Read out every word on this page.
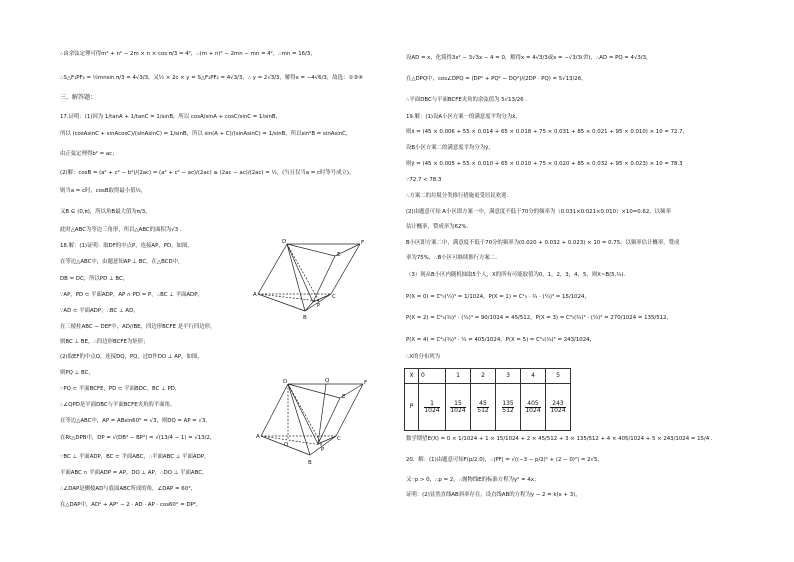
∴由余弦定理可得m² + n² − 2m × n × cos π/3 = 4²，∴(m + n)² − 2mn − mn = 4²，∴mn = 16/3，
∴S△F₁PF₂ = ½mnsin π/3 = 4√3/3，又½ × 2c × y = S△F₁PF₂ = 4√3/3，∴ y = 2√3/3，解得x = −4√6/3，故选：①③④
三、解答题：
17.证明：(1)因为 1/tanA + 1/tanC = 1/sinB，所以 cosA/sinA + cosC/sinC = 1/sinB，
所以 (cosAsinC + sinAcosC)/(sinAsinC) = 1/sinB，所以 sin(A + C)/(sinAsinC) = 1/sinB，所以sin²B = sinAsinC，
由正弦定理得b² = ac；
(2)解：cosB = (a² + c² − b²)/(2ac) = (a² + c² − ac)/(2ac) ≥ (2ac − ac)/(2ac) = ½，(当且仅当a = c时等号成立)，
则当a = c时，cosB取得最小值½，
又B ∈ (0,π)，所以角B最大值为π/3，
此时△ABC为等边三角形，所以△ABC的面积为√3 .
18.解：(1)证明：取DF的中点P，连接AP，PD，如图，
在等边△ABC中，由题意知AP ⊥ BC，在△BCD中，
DB = DC，所以PD ⊥ BC，
∵AP，PD ⊂ 平面ADP，AP ∩ PD = P，∴BC ⊥ 平面ADP，
∵AD ⊂ 平面ADP，∴BC ⊥ AD，
在三棱柱ABC − DEF中，AD//BE，四边形BCFE 是平行四边形，
则BC ⊥ BE，∴四边形BCFE为矩形；
(2)取EF的中点Q，连接DQ，PQ，过D作DO ⊥ AP，如图，
则PQ ⊥ BC，
∵PQ ⊂ 平面BCFE，PD ⊂ 平面BDC，BC ⊥ PD，
∴∠QPD是平面DBC与平面BCFE夹角的平面角，
在等边△ABC中，AP = ABsin60° = √3，则DQ = AP = √3，
在Rt△DPB中，DP = √(DB² − BP²) = √(13/4 − 1) = √13/2，
∵BC ⊥ 平面ADP，BC ⊂ 平面ABC，∴平面ABC ⊥ 平面ADP，
平面ABC ∩ 平面ADP = AP，DO ⊥ AP，∴DO ⊥ 平面ABC，
∴∠DAP是侧棱AD与底面ABC所成的角，∠DAP = 60°，
在△DAP中，AD² + AP² − 2 · AD · AP · cos60° = DP²，
D	F
E
A
P
C
B
D	F
Q
E
A
O
P
C
B
设AD = x，化简得3x² − 3√3x − 4 = 0，解得x = 4√3/3或x = −√3/3(舍)，∴AD = PQ = 4√3/3，
在△DPQ中，cos∠DPQ = (DP² + PQ² − DQ²)/(2DP · PQ) = 5√13/26，
∴平面DBC与平面BCFE夹角的余弦值为 5√13/26 .
19.解：(1)设A小区方案一的满意度平均分为x̄，
则x̄ = (45 × 0.006 + 55 × 0.014 + 65 × 0.018 + 75 × 0.031 + 85 × 0.021 + 95 × 0.010) × 10 = 72.7，
设B小区方案二的满意度平均分为ȳ，
则ȳ = (45 × 0.005 + 55 × 0.010 + 65 × 0.010 + 75 × 0.020 + 85 × 0.032 + 95 × 0.023) × 10 = 78.3
∵72.7 < 78.3
∴方案二的垃圾分类推行措施更受居民欢迎.
(2)由题意可知 A小区即方案一中，满意度不低于70分的频率为（0.031×0.021×0.010）×10=0.62，以频率
估计概率，赞成率为62%.
B小区即方案二中，满意度不低于70分的频率为(0.020 + 0.032 + 0.023) × 10 = 0.75，以频率估计概率，赞成
率为75%，∴B小区可继续推行方案二.
（3）现从B小区内随机抽取5个人，X的所有可能取值为0，1，2，3，4，5，则X~B(5,¾).
P(X = 0) = C⁰₅(¼)⁵ = 1/1024，P(X = 1) = C¹₅ · ¾ · (¼)⁴ = 15/1024，
P(X = 2) = C²₅(¾)² · (¼)³ = 90/1024 = 45/512，P(X = 3) = C³₅(¾)³ · (¼)² = 270/1024 = 135/512，
P(X = 4) = C⁴₅(¾)⁴ · ¼ = 405/1024，P(X = 5) = C⁵₅(¾)⁵ = 243/1024，
∴X的分布列为
数学期望E(X) = 0 × 1/1024 + 1 × 15/1024 + 2 × 45/512 + 3 × 135/512 + 4 × 405/1024 + 5 × 243/1024 = 15/4 .
20．解：(1)由题意可知F(p/2,0)，∴|PF| = √((−3 − p/2)² + (2 − 0)²) = 2√5，
又∵p > 0，∴p = 2，∴抛物线E的标准方程为y² = 4x；
证明：(2)显然直线AB斜率存在，设直线AB的方程为y − 2 = k(x + 3)，
X	0	1	2	3	4	5
P	$\frac{1}{1024}$	$\frac{15}{1024}$	$\frac{45}{512}$	$\frac{135}{512}$	$\frac{405}{1024}$	$\frac{243}{1024}$
